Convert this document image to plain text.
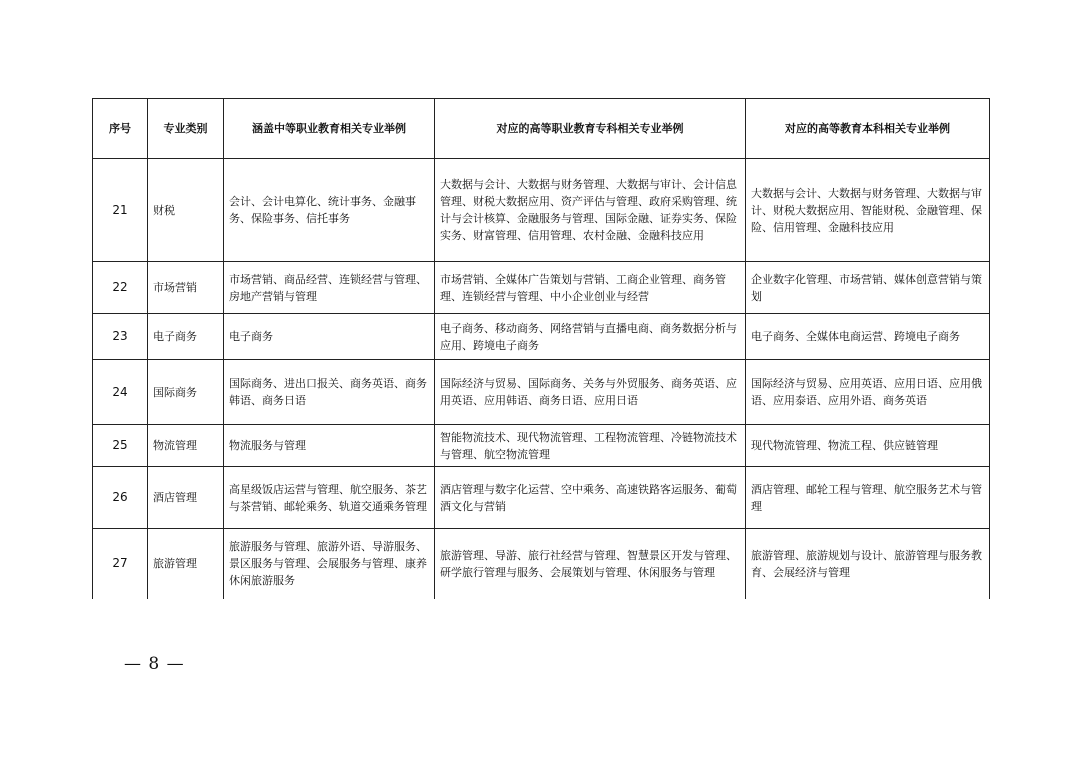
序号	专业类别	涵盖中等职业教育相关专业举例	对应的高等职业教育专科相关专业举例	对应的高等教育本科相关专业举例
21	财税	会计、会计电算化、统计事务、金融事务、保险事务、信托事务	大数据与会计、大数据与财务管理、大数据与审计、会计信息管理、财税大数据应用、资产评估与管理、政府采购管理、统计与会计核算、金融服务与管理、国际金融、证券实务、保险实务、财富管理、信用管理、农村金融、金融科技应用	大数据与会计、大数据与财务管理、大数据与审计、财税大数据应用、智能财税、金融管理、保险、信用管理、金融科技应用
22	市场营销	市场营销、商品经营、连锁经营与管理、房地产营销与管理	市场营销、全媒体广告策划与营销、工商企业管理、商务管理、连锁经营与管理、中小企业创业与经营	企业数字化管理、市场营销、媒体创意营销与策划
23	电子商务	电子商务	电子商务、移动商务、网络营销与直播电商、商务数据分析与应用、跨境电子商务	电子商务、全媒体电商运营、跨境电子商务
24	国际商务	国际商务、进出口报关、商务英语、商务韩语、商务日语	国际经济与贸易、国际商务、关务与外贸服务、商务英语、应用英语、应用韩语、商务日语、应用日语	国际经济与贸易、应用英语、应用日语、应用俄语、应用泰语、应用外语、商务英语
25	物流管理	物流服务与管理	智能物流技术、现代物流管理、工程物流管理、冷链物流技术与管理、航空物流管理	现代物流管理、物流工程、供应链管理
26	酒店管理	高星级饭店运营与管理、航空服务、茶艺与茶营销、邮轮乘务、轨道交通乘务管理	酒店管理与数字化运营、空中乘务、高速铁路客运服务、葡萄酒文化与营销	酒店管理、邮轮工程与管理、航空服务艺术与管理
27	旅游管理	旅游服务与管理、旅游外语、导游服务、景区服务与管理、会展服务与管理、康养休闲旅游服务	旅游管理、导游、旅行社经营与管理、智慧景区开发与管理、研学旅行管理与服务、会展策划与管理、休闲服务与管理	旅游管理、旅游规划与设计、旅游管理与服务教育、会展经济与管理
— 8 —
